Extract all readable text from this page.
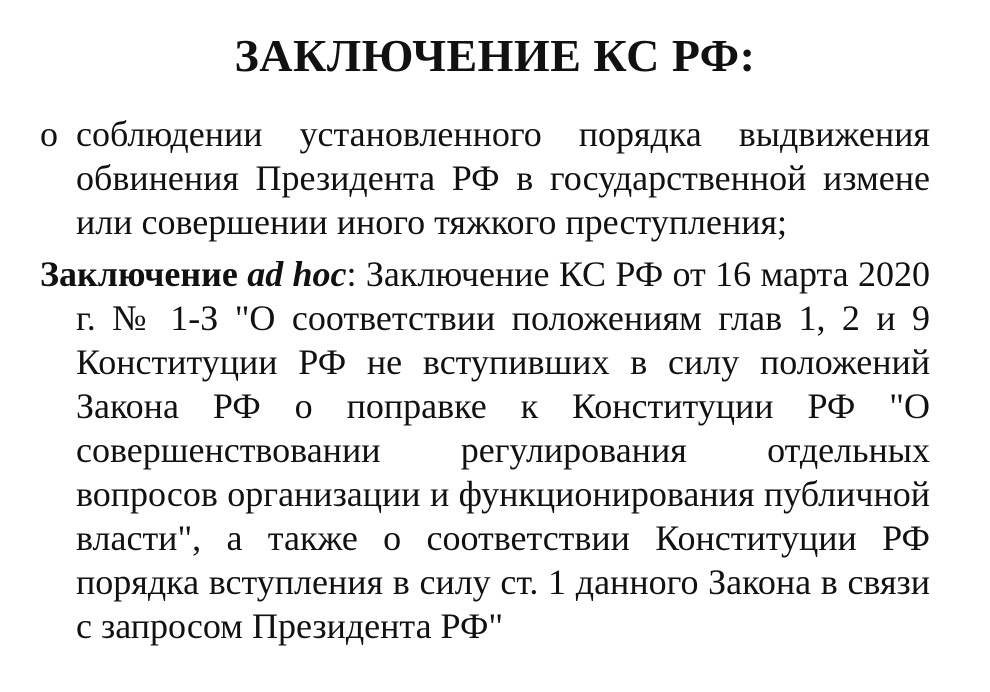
ЗАКЛЮЧЕНИЕ КС РФ:
о соблюдении установленного порядка выдвижения обвинения Президента РФ в государственной измене или совершении иного тяжкого преступления;
Заключение ad hoc: Заключение КС РФ от 16 марта 2020 г. № 1-З "О соответствии положениям глав 1, 2 и 9 Конституции РФ не вступивших в силу положений Закона РФ о поправке к Конституции РФ "О совершенствовании регулирования отдельных вопросов организации и функционирования публичной власти", а также о соответствии Конституции РФ порядка вступления в силу ст. 1 данного Закона в связи с запросом Президента РФ"
